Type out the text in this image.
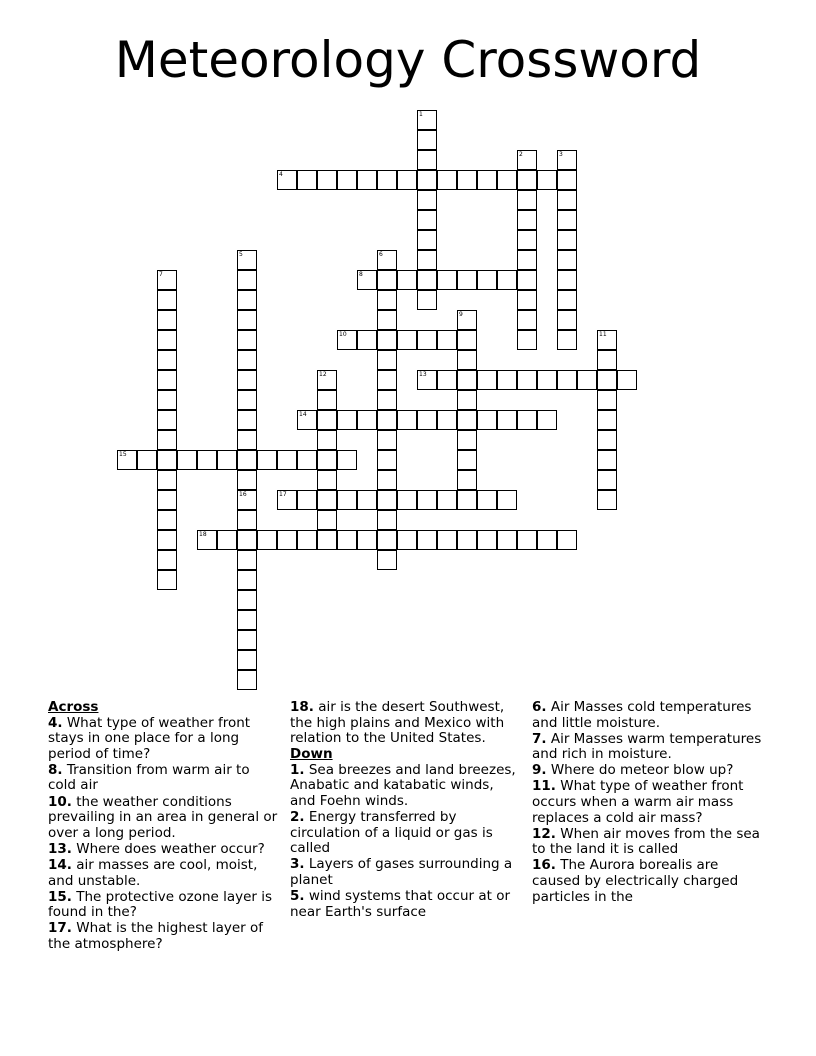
Meteorology Crossword
1
2	3
4
5	6
7	8
9
10	11
12	13
14
15
16	17
18
Across
4. What type of weather front stays in one place for a long period of time?
8. Transition from warm air to cold air
10. the weather conditions prevailing in an area in general or over a long period.
13. Where does weather occur?
14. air masses are cool, moist, and unstable.
15. The protective ozone layer is found in the?
17. What is the highest layer of the atmosphere?
18. air is the desert Southwest, the high plains and Mexico with relation to the United States.
Down
1. Sea breezes and land breezes, Anabatic and katabatic winds, and Foehn winds.
2. Energy transferred by circulation of a liquid or gas is called
3. Layers of gases surrounding a planet
5. wind systems that occur at or near Earth's surface
6. Air Masses cold temperatures and little moisture.
7. Air Masses warm temperatures and rich in moisture.
9. Where do meteor blow up?
11. What type of weather front occurs when a warm air mass replaces a cold air mass?
12. When air moves from the sea to the land it is called
16. The Aurora borealis are caused by electrically charged particles in the
